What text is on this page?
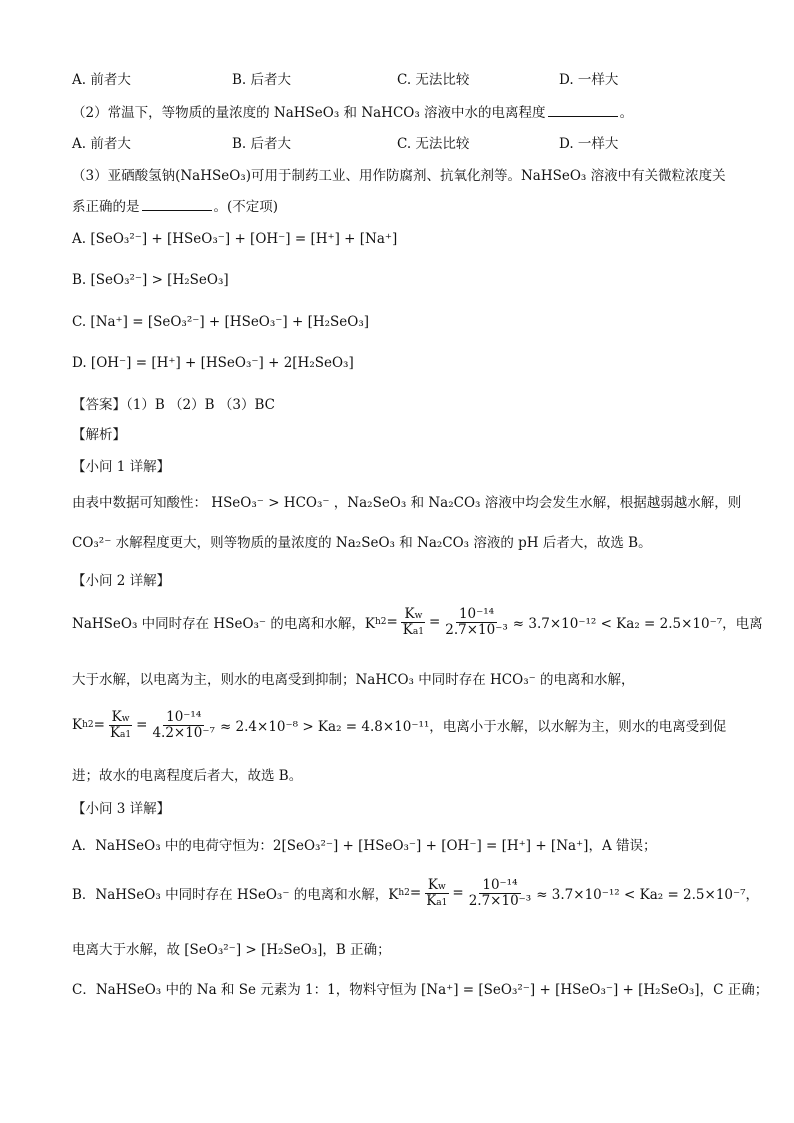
A. 前者大	B. 后者大	C. 无法比较	D. 一样大
（2）常温下，等物质的量浓度的 NaHSeO₃ 和 NaHCO₃ 溶液中水的电离程度	。
A. 前者大	B. 后者大	C. 无法比较	D. 一样大
（3）亚硒酸氢钠(NaHSeO₃)可用于制药工业、用作防腐剂、抗氧化剂等。NaHSeO₃ 溶液中有关微粒浓度关
系正确的是	。(不定项)
A. [SeO₃²⁻] + [HSeO₃⁻] + [OH⁻] = [H⁺] + [Na⁺]
B. [SeO₃²⁻] > [H₂SeO₃]
C. [Na⁺] = [SeO₃²⁻] + [HSeO₃⁻] + [H₂SeO₃]
D. [OH⁻] = [H⁺] + [HSeO₃⁻] + 2[H₂SeO₃]
【答案】（1）B （2）B （3）BC
【解析】
【小问 1 详解】
由表中数据可知酸性： HSeO₃⁻ > HCO₃⁻ ，Na₂SeO₃ 和 Na₂CO₃ 溶液中均会发生水解，根据越弱越水解，则
CO₃²⁻ 水解程度更大，则等物质的量浓度的 Na₂SeO₃ 和 Na₂CO₃ 溶液的 pH 后者大，故选 B。
【小问 2 详解】
NaHSeO₃ 中同时存在 HSeO₃⁻ 的电离和水解，K $h2 = \frac{Kw}{Ka1} = \frac{\text{10⁻¹⁴}}{\text{2.7×10⁻³}} \approx 3.7\times 10^{-12} < Ka_2 = 2.5\times 10^{-7}$，电离
大于水解，以电离为主，则水的电离受到抑制；NaHCO₃ 中同时存在 HCO₃⁻ 的电离和水解，
K $h2 = \frac{Kw}{Ka1} = \frac{\text{10⁻¹⁴}}{\text{4.2×10⁻⁷}} \approx 2.4\times 10^{-8} > Ka_2 = 4.8\times 10^{-11}$，电离小于水解，以水解为主，则水的电离受到促
进；故水的电离程度后者大，故选 B。
【小问 3 详解】
A．NaHSeO₃ 中的电荷守恒为：2[SeO₃²⁻] + [HSeO₃⁻] + [OH⁻] = [H⁺] + [Na⁺]，A 错误；
B．NaHSeO₃ 中同时存在 HSeO₃⁻ 的电离和水解，K $h2 = \frac{Kw}{Ka1} = \frac{\text{10⁻¹⁴}}{\text{2.7×10⁻³}} \approx 3.7\times 10^{-12} < Ka_2 = 2.5\times 10^{-7}$，
电离大于水解，故 [SeO₃²⁻] > [H₂SeO₃]，B 正确；
C．NaHSeO₃ 中的 Na 和 Se 元素为 1：1，物料守恒为 [Na⁺] = [SeO₃²⁻] + [HSeO₃⁻] + [H₂SeO₃]，C 正确；
